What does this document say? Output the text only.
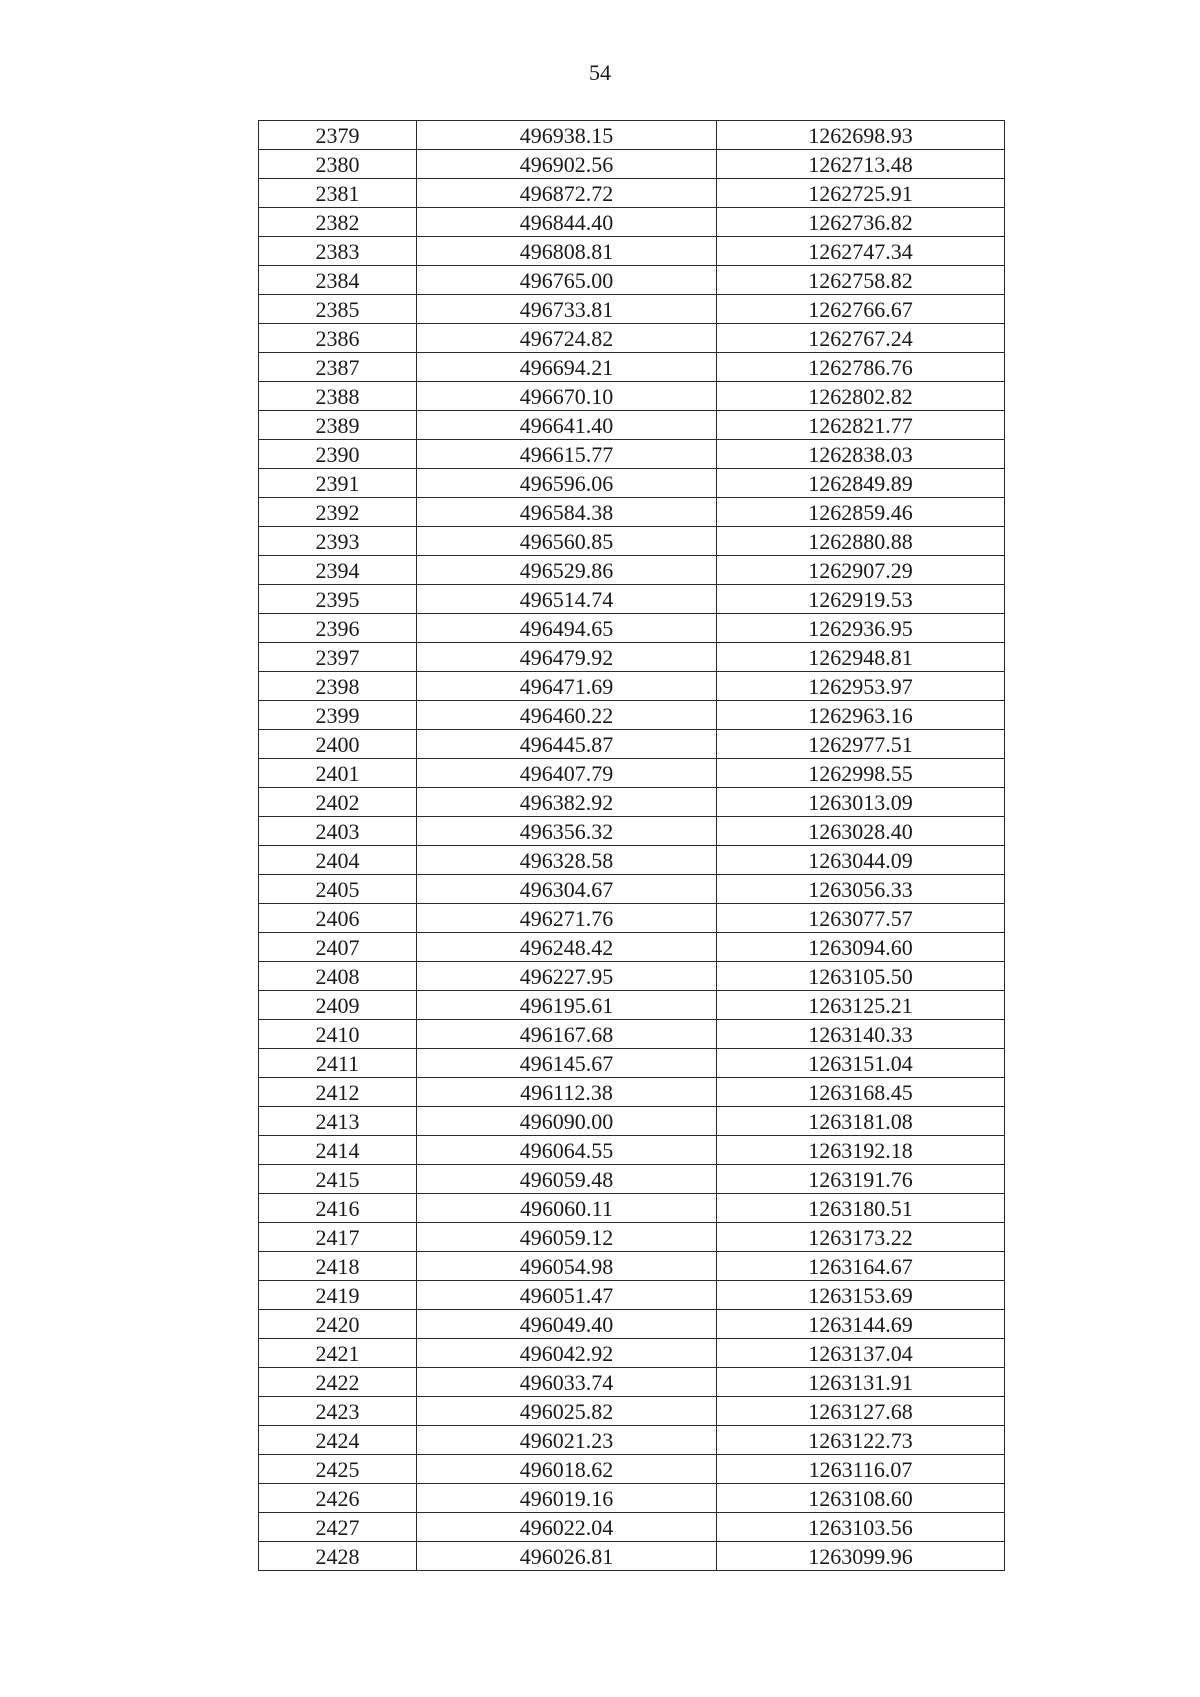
54
2379	496938.15	1262698.93
2380	496902.56	1262713.48
2381	496872.72	1262725.91
2382	496844.40	1262736.82
2383	496808.81	1262747.34
2384	496765.00	1262758.82
2385	496733.81	1262766.67
2386	496724.82	1262767.24
2387	496694.21	1262786.76
2388	496670.10	1262802.82
2389	496641.40	1262821.77
2390	496615.77	1262838.03
2391	496596.06	1262849.89
2392	496584.38	1262859.46
2393	496560.85	1262880.88
2394	496529.86	1262907.29
2395	496514.74	1262919.53
2396	496494.65	1262936.95
2397	496479.92	1262948.81
2398	496471.69	1262953.97
2399	496460.22	1262963.16
2400	496445.87	1262977.51
2401	496407.79	1262998.55
2402	496382.92	1263013.09
2403	496356.32	1263028.40
2404	496328.58	1263044.09
2405	496304.67	1263056.33
2406	496271.76	1263077.57
2407	496248.42	1263094.60
2408	496227.95	1263105.50
2409	496195.61	1263125.21
2410	496167.68	1263140.33
2411	496145.67	1263151.04
2412	496112.38	1263168.45
2413	496090.00	1263181.08
2414	496064.55	1263192.18
2415	496059.48	1263191.76
2416	496060.11	1263180.51
2417	496059.12	1263173.22
2418	496054.98	1263164.67
2419	496051.47	1263153.69
2420	496049.40	1263144.69
2421	496042.92	1263137.04
2422	496033.74	1263131.91
2423	496025.82	1263127.68
2424	496021.23	1263122.73
2425	496018.62	1263116.07
2426	496019.16	1263108.60
2427	496022.04	1263103.56
2428	496026.81	1263099.96
